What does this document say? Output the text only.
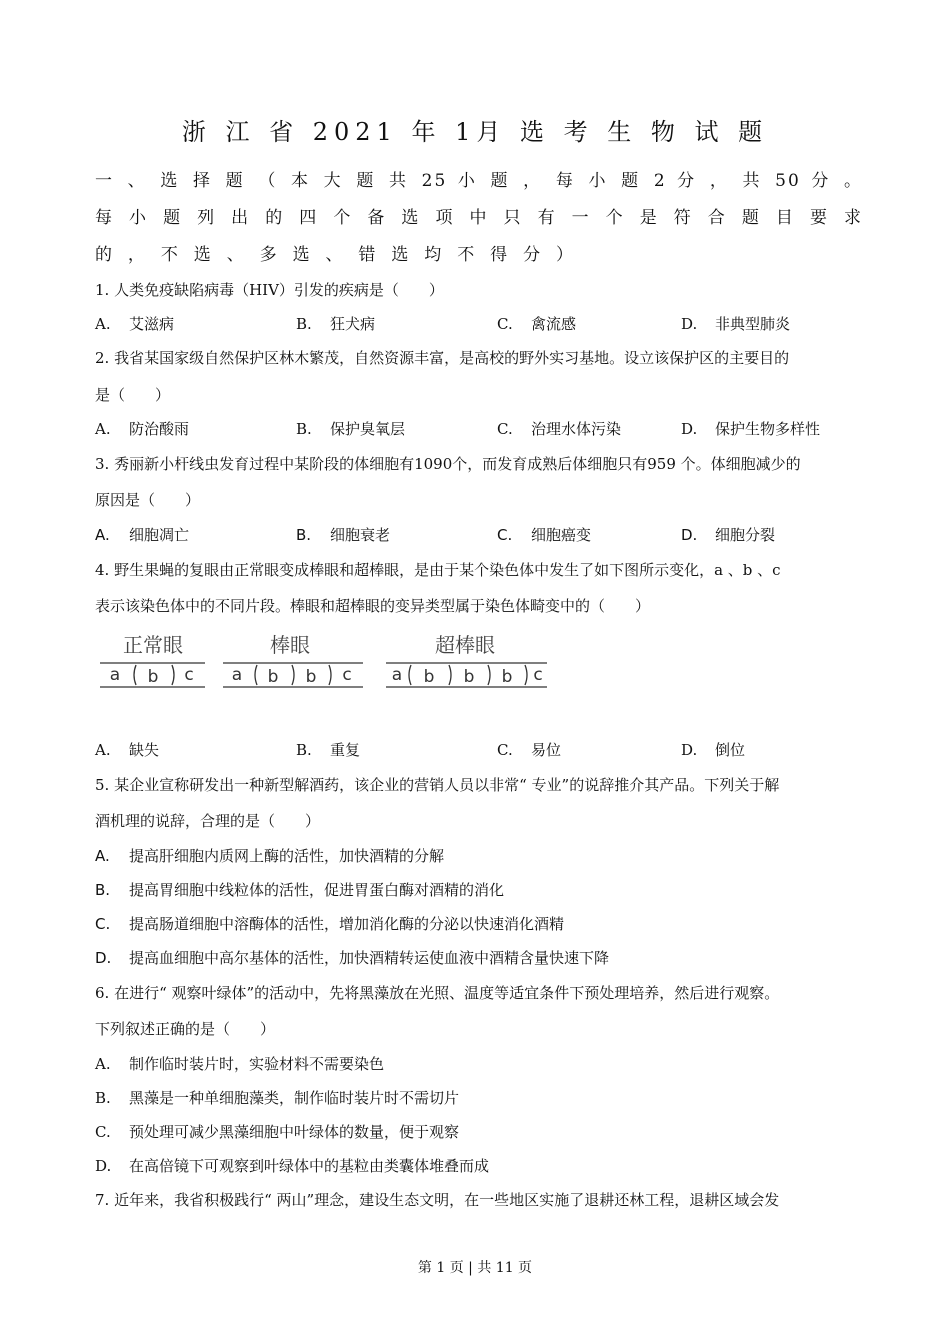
浙 江 省 2021 年 1月 选 考 生 物 试 题
一 、 选 择 题 （ 本 大 题 共 25 小 题 ， 每 小 题 2 分 ， 共 50 分 。
每 小 题 列 出 的 四 个 备 选 项 中 只 有 一 个 是 符 合 题 目 要 求
的 ， 不 选 、 多 选 、 错 选 均 不 得 分 ）
1. 人类免疫缺陷病毒（HIV）引发的疾病是（　　）
A. 艾滋病	B. 狂犬病	C. 禽流感	D. 非典型肺炎
2. 我省某国家级自然保护区林木繁茂，自然资源丰富，是高校的野外实习基地。设立该保护区的主要目的
是（　　）
A. 防治酸雨	B. 保护臭氧层	C. 治理水体污染	D. 保护生物多样性
3. 秀丽新小杆线虫发育过程中某阶段的体细胞有1090个，而发育成熟后体细胞只有959 个。体细胞减少的
原因是（　　）
A. 细胞凋亡	B. 细胞衰老	C. 细胞癌变	D. 细胞分裂
4. 野生果蝇的复眼由正常眼变成棒眼和超棒眼，是由于某个染色体中发生了如下图所示变化，a 、b 、c
表示该染色体中的不同片段。棒眼和超棒眼的变异类型属于染色体畸变中的（　　）
正常眼
a b c
棒眼
a b b c
超棒眼
a b b b c
A. 缺失	B. 重复	C. 易位	D. 倒位
5. 某企业宣称研发出一种新型解酒药，该企业的营销人员以非常“ 专业”的说辞推介其产品。下列关于解
酒机理的说辞，合理的是（　　）
A. 提高肝细胞内质网上酶的活性，加快酒精的分解
B. 提高胃细胞中线粒体的活性，促进胃蛋白酶对酒精的消化
C. 提高肠道细胞中溶酶体的活性，增加消化酶的分泌以快速消化酒精
D. 提高血细胞中高尔基体的活性，加快酒精转运使血液中酒精含量快速下降
6. 在进行“ 观察叶绿体”的活动中，先将黑藻放在光照、温度等适宜条件下预处理培养，然后进行观察。
下列叙述正确的是（　　）
A. 制作临时装片时，实验材料不需要染色
B. 黑藻是一种单细胞藻类，制作临时装片时不需切片
C. 预处理可减少黑藻细胞中叶绿体的数量，便于观察
D. 在高倍镜下可观察到叶绿体中的基粒由类囊体堆叠而成
7. 近年来，我省积极践行“ 两山”理念，建设生态文明，在一些地区实施了退耕还林工程，退耕区域会发
第 1 页 | 共 11 页
